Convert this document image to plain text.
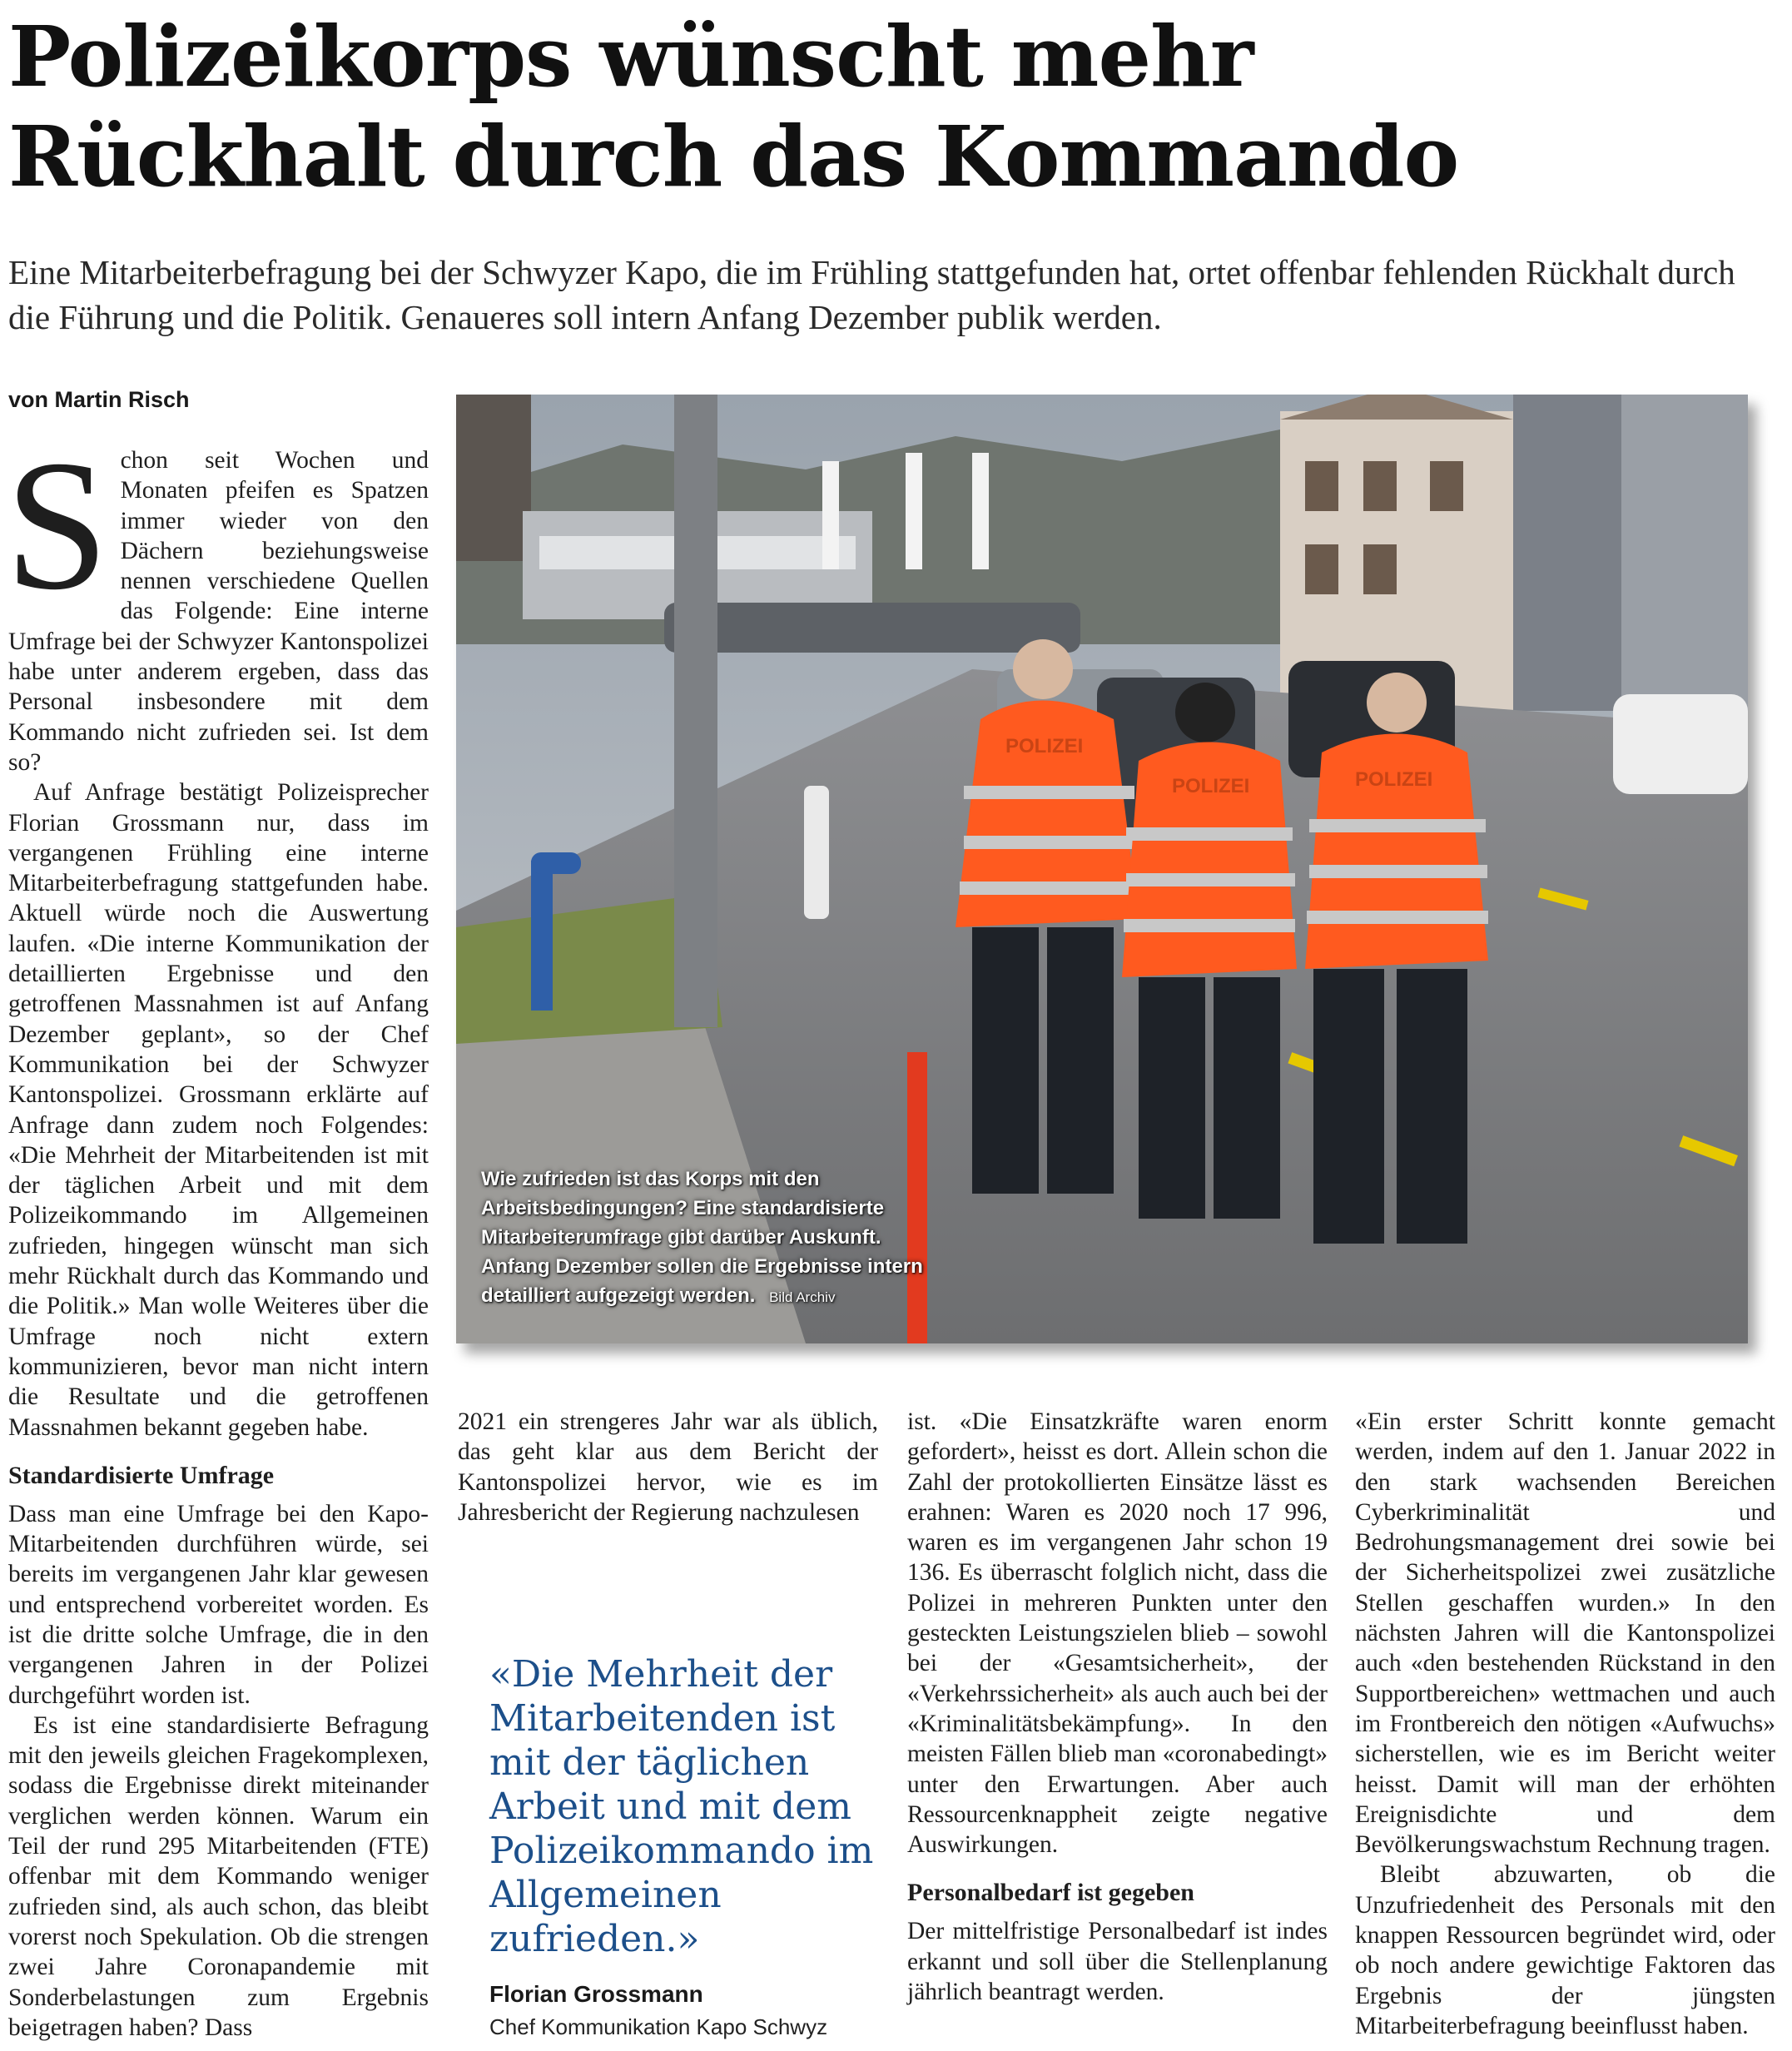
Polizeikorps wünscht mehr
Rückhalt durch das Kommando
Eine Mitarbeiterbefragung bei der Schwyzer Kapo, die im Frühling stattgefunden hat, ortet offenbar fehlenden Rückhalt durch die Führung und die Politik. Genaueres soll intern Anfang Dezember publik werden.
von Martin Risch
S chon seit Wochen und Monaten pfeifen es Spatzen immer wieder von den Dächern beziehungsweise nennen verschiedene Quellen das Folgende: Eine interne Umfrage bei der Schwyzer Kantonspolizei habe unter anderem ergeben, dass das Personal insbesondere mit dem Kommando nicht zufrieden sei. Ist dem so?

Auf Anfrage bestätigt Polizeisprecher Florian Grossmann nur, dass im vergangenen Frühling eine interne Mitarbeiterbefragung stattgefunden habe. Aktuell würde noch die Auswertung laufen. «Die interne Kommunikation der detaillierten Ergebnisse und den getroffenen Massnahmen ist auf Anfang Dezember geplant», so der Chef Kommunikation bei der Schwyzer Kantonspolizei. Grossmann erklärte auf Anfrage dann zudem noch Folgendes: «Die Mehrheit der Mitarbeitenden ist mit der täglichen Arbeit und mit dem Polizeikommando im Allgemeinen zufrieden, hingegen wünscht man sich mehr Rückhalt durch das Kommando und die Politik.» Man wolle Weiteres über die Umfrage noch nicht extern kommunizieren, bevor man nicht intern die Resultate und die getroffenen Massnahmen bekannt gegeben habe.

Standardisierte Umfrage

Dass man eine Umfrage bei den Kapo-Mitarbeitenden durchführen würde, sei bereits im vergangenen Jahr klar gewesen und entsprechend vorbereitet worden. Es ist die dritte solche Umfrage, die in den vergangenen Jahren in der Polizei durchgeführt worden ist.

Es ist eine standardisierte Befragung mit den jeweils gleichen Fragekomplexen, sodass die Ergebnisse direkt miteinander verglichen werden können. Warum ein Teil der rund 295 Mitarbeitenden (FTE) offenbar mit dem Kommando weniger zufrieden sind, als auch schon, das bleibt vorerst noch Spekulation. Ob die strengen zwei Jahre Coronapandemie mit Sonderbelastungen zum Ergebnis beigetragen haben? Dass

POLIZEI
POLIZEI	POLIZEI
Wie zufrieden ist das Korps mit den Arbeitsbedingungen? Eine standardisierte Mitarbeiterumfrage gibt darüber Auskunft. Anfang Dezember sollen die Ergebnisse intern detailliert aufgezeigt werden. Bild Archiv

2021 ein strengeres Jahr war als üblich, das geht klar aus dem Bericht der Kantonspolizei hervor, wie es im Jahresbericht der Regierung nachzulesen

«Die Mehrheit der Mitarbeitenden ist mit der täglichen Arbeit und mit dem Polizeikommando im Allgemeinen zufrieden.»
Florian Grossmann
Chef Kommunikation Kapo Schwyz

ist. «Die Einsatzkräfte waren enorm gefordert», heisst es dort. Allein schon die Zahl der protokollierten Einsätze lässt es erahnen: Waren es 2020 noch 17 996, waren es im vergangenen Jahr schon 19 136. Es überrascht folglich nicht, dass die Polizei in mehreren Punkten unter den gesteckten Leistungszielen blieb – sowohl bei der «Gesamtsicherheit», der «Verkehrssicherheit» als auch auch bei der «Kriminalitätsbekämpfung». In den meisten Fällen blieb man «coronabedingt» unter den Erwartungen. Aber auch Ressourcenknappheit zeigte negative Auswirkungen.

Personalbedarf ist gegeben

Der mittelfristige Personalbedarf ist indes erkannt und soll über die Stellenplanung jährlich beantragt werden.

«Ein erster Schritt konnte gemacht werden, indem auf den 1. Januar 2022 in den stark wachsenden Bereichen Cyberkriminalität und Bedrohungsmanagement drei sowie bei der Sicherheitspolizei zwei zusätzliche Stellen geschaffen wurden.» In den nächsten Jahren will die Kantonspolizei auch «den bestehenden Rückstand in den Supportbereichen» wettmachen und auch im Frontbereich den nötigen «Aufwuchs» sicherstellen, wie es im Bericht weiter heisst. Damit will man der erhöhten Ereignisdichte und dem Bevölkerungswachstum Rechnung tragen.

Bleibt abzuwarten, ob die Unzufriedenheit des Personals mit den knappen Ressourcen begründet wird, oder ob noch andere gewichtige Faktoren das Ergebnis der jüngsten Mitarbeiterbefragung beeinflusst haben.
